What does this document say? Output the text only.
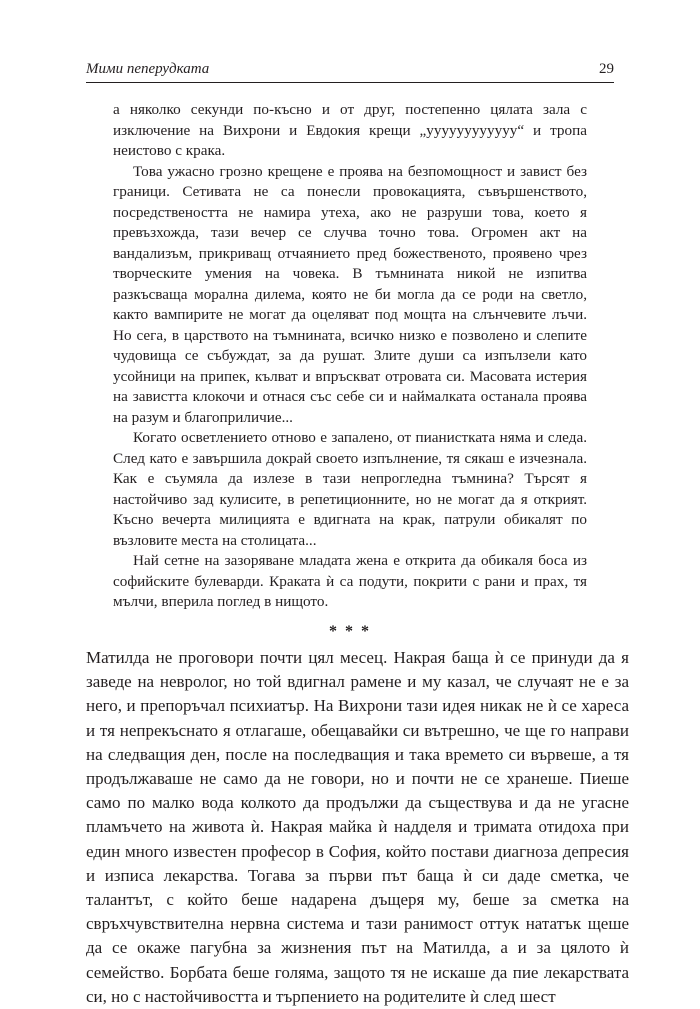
Мими пеперудката	29

а няколко секунди по-късно и от друг, постепенно цялата зала с изключение на Вихрони и Евдокия крещи „уууууууууууу“ и тропа неистово с крака.

Това ужасно грозно крещене е проява на безпомощност и завист без граници. Сетивата не са понесли провокацията, съвършенството, посредствеността не намира утеха, ако не разруши това, което я превъзхожда, тази вечер се случва точно това. Огромен акт на вандализъм, прикриващ отчаянието пред божественото, проявено чрез творческите умения на човека. В тъмнината никой не изпитва разкъсваща морална дилема, която не би могла да се роди на светло, както вампирите не могат да оцеляват под мощта на слънчевите лъчи. Но сега, в царството на тъмнината, всичко низко е позволено и слепите чудовища се събуждат, за да рушат. Злите души са изпълзели като усойници на припек, кълват и впръскват отровата си. Масовата истерия на завистта клокочи и отнася със себе си и наймалката останала проява на разум и благоприличие...

Когато осветлението отново е запалено, от пианистката няма и следа. След като е завършила докрай своето изпълнение, тя сякаш е изчезнала. Как е съумяла да излезе в тази непрогледна тъмнина? Търсят я настойчиво зад кулисите, в репетиционните, но не могат да я открият. Късно вечерта милицията е вдигната на крак, патрули обикалят по възловите места на столицата...

Най сетне на зазоряване младата жена е открита да обикаля боса из софийските булеварди. Краката ѝ са подути, покрити с рани и прах, тя мълчи, вперила поглед в нищото.

* * *

Матилда не проговори почти цял месец. Накрая баща ѝ се принуди да я заведе на невролог, но той вдигнал рамене и му казал, че случаят не е за него, и препоръчал психиатър. На Вихрони тази идея никак не ѝ се хареса и тя непрекъснато я отлагаше, обещавайки си вътрешно, че ще го направи на следващия ден, после на последващия и така времето си вървеше, а тя продължаваше не само да не говори, но и почти не се хранеше. Пиеше само по малко вода колкото да продължи да съществува и да не угасне пламъчето на живота ѝ. Накрая майка ѝ надделя и тримата отидоха при един много известен професор в София, който постави диагноза депресия и изписа лекарства. Тогава за първи път баща ѝ си даде сметка, че талантът, с който беше надарена дъщеря му, беше за сметка на свръхчувствителна нервна система и тази ранимост оттук нататък щеше да се окаже пагубна за жизнения път на Матилда, а и за цялото ѝ семейство. Борбата беше голяма, защото тя не искаше да пие лекарствата си, но с настойчивостта и търпението на родителите ѝ след шест
